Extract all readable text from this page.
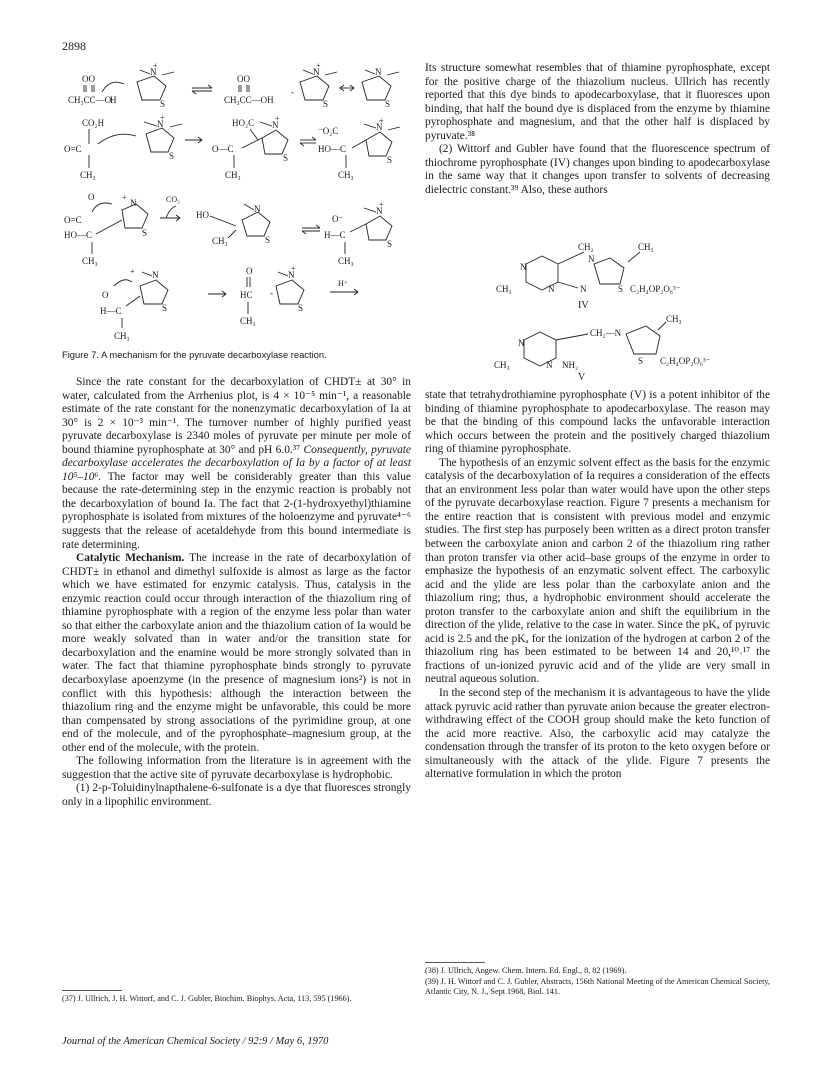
2898
OO
CH₃CC—O
H
N
+
S
OO
CH₃CC—OH
N
+
S
-
N
S
CO₂H
O=C
CH₃
N
+
S
HO₂C
O—C
CH₃
N
+
S
⁻O₂C
HO—C
CH₃
N
+
S
O	+
O=C
HO—C
CH₃
N
S
CO₂
HO
CH₃
N
S
O⁻
H—C
CH₃
N
+
S
+
O
H—C
CH₃
N
S
O
HC
CH₃
-
N
+
S
H⁺
Figure 7. A mechanism for the pyruvate decarboxylase reaction.

Since the rate constant for the decarboxylation of CHDT± at 30° in water, calculated from the Arrhenius plot, is 4 × 10⁻⁵ min⁻¹, a reasonable estimate of the rate constant for the nonenzymatic decarboxylation of Ia at 30° is 2 × 10⁻³ min⁻¹. The turnover number of highly purified yeast pyruvate decarboxylase is 2340 moles of pyruvate per minute per mole of bound thiamine pyrophosphate at 30° and pH 6.0.³⁷ Consequently, pyruvate decarboxylase accelerates the decarboxylation of Ia by a factor of at least 10⁵–10⁶. The factor may well be considerably greater than this value because the rate-determining step in the enzymic reaction is probably not the decarboxylation of bound Ia. The fact that 2-(1-hydroxyethyl)thiamine pyrophosphate is isolated from mixtures of the holoenzyme and pyruvate⁴⁻⁶ suggests that the release of acetaldehyde from this bound intermediate is rate determining.

Catalytic Mechanism. The increase in the rate of decarboxylation of CHDT± in ethanol and dimethyl sulfoxide is almost as large as the factor which we have estimated for enzymic catalysis. Thus, catalysis in the enzymic reaction could occur through interaction of the thiazolium ring of thiamine pyrophosphate with a region of the enzyme less polar than water so that either the carboxylate anion and the thiazolium cation of Ia would be more weakly solvated than in water and/or the transition state for decarboxylation and the enamine would be more strongly solvated than in water. The fact that thiamine pyrophosphate binds strongly to pyruvate decarboxylase apoenzyme (in the presence of magnesium ions²) is not in conflict with this hypothesis: although the interaction between the thiazolium ring and the enzyme might be unfavorable, this could be more than compensated by strong associations of the pyrimidine group, at one end of the molecule, and of the pyrophosphate–magnesium group, at the other end of the molecule, with the protein.

The following information from the literature is in agreement with the suggestion that the active site of pyruvate decarboxylase is hydrophobic.

(1) 2-p-Toluidinylnapthalene-6-sulfonate is a dye that fluoresces strongly only in a lipophilic environment.

(37) J. Ullrich, J. H. Wittorf, and C. J. Gubler, Biochim. Biophys. Acta, 113, 595 (1966).

Its structure somewhat resembles that of thiamine pyrophosphate, except for the positive charge of the thiazolium nucleus. Ullrich has recently reported that this dye binds to apodecarboxylase, that it fluoresces upon binding, that half the bound dye is displaced from the enzyme by thiamine pyrophosphate and magnesium, and that the other half is displaced by pyruvate.³⁸

(2) Wittorf and Gubler have found that the fluorescence spectrum of thiochrome pyrophosphate (IV) changes upon binding to apodecarboxylase in the same way that it changes upon transfer to solvents of decreasing dielectric constant.³⁹ Also, these authors

CH₂	CH₃
N
N
N	N	S
CH₃	C₂H₄OP₂O₆³⁻
IV
CH₃
CH₂—N
N
N	S C₂H₄OP₂O₆³⁻
CH₃	NH₂
V

state that tetrahydrothiamine pyrophosphate (V) is a potent inhibitor of the binding of thiamine pyrophosphate to apodecarboxylase. The reason may be that the binding of this compound lacks the unfavorable interaction which occurs between the protein and the positively charged thiazolium ring of thiamine pyrophosphate.

The hypothesis of an enzymic solvent effect as the basis for the enzymic catalysis of the decarboxylation of Ia requires a consideration of the effects that an environment less polar than water would have upon the other steps of the pyruvate decarboxylase reaction. Figure 7 presents a mechanism for the entire reaction that is consistent with previous model and enzymic studies. The first step has purposely been written as a direct proton transfer between the carboxylate anion and carbon 2 of the thiazolium ring rather than proton transfer via other acid–base groups of the enzyme in order to emphasize the hypothesis of an enzymatic solvent effect. The carboxylic acid and the ylide are less polar than the carboxylate anion and the thiazolium ring; thus, a hydrophobic environment should accelerate the proton transfer to the carboxylate anion and shift the equilibrium in the direction of the ylide, relative to the case in water. Since the pKₐ of pyruvic acid is 2.5 and the pKₐ for the ionization of the hydrogen at carbon 2 of the thiazolium ring has been estimated to be between 14 and 20,¹⁰˒¹⁷ the fractions of un-ionized pyruvic acid and of the ylide are very small in neutral aqueous solution.

In the second step of the mechanism it is advantageous to have the ylide attack pyruvic acid rather than pyruvate anion because the greater electron-withdrawing effect of the COOH group should make the keto function of the acid more reactive. Also, the carboxylic acid may catalyze the condensation through the transfer of its proton to the keto oxygen before or simultaneously with the attack of the ylide. Figure 7 presents the alternative formulation in which the proton

(38) J. Ullrich, Angew. Chem. Intern. Ed. Engl., 8, 82 (1969).
(39) J. H. Wittorf and C. J. Gubler, Abstracts, 156th National Meeting of the American Chemical Society, Atlantic City, N. J., Sept 1968, Biol. 141.
Journal of the American Chemical Society / 92:9 / May 6, 1970
